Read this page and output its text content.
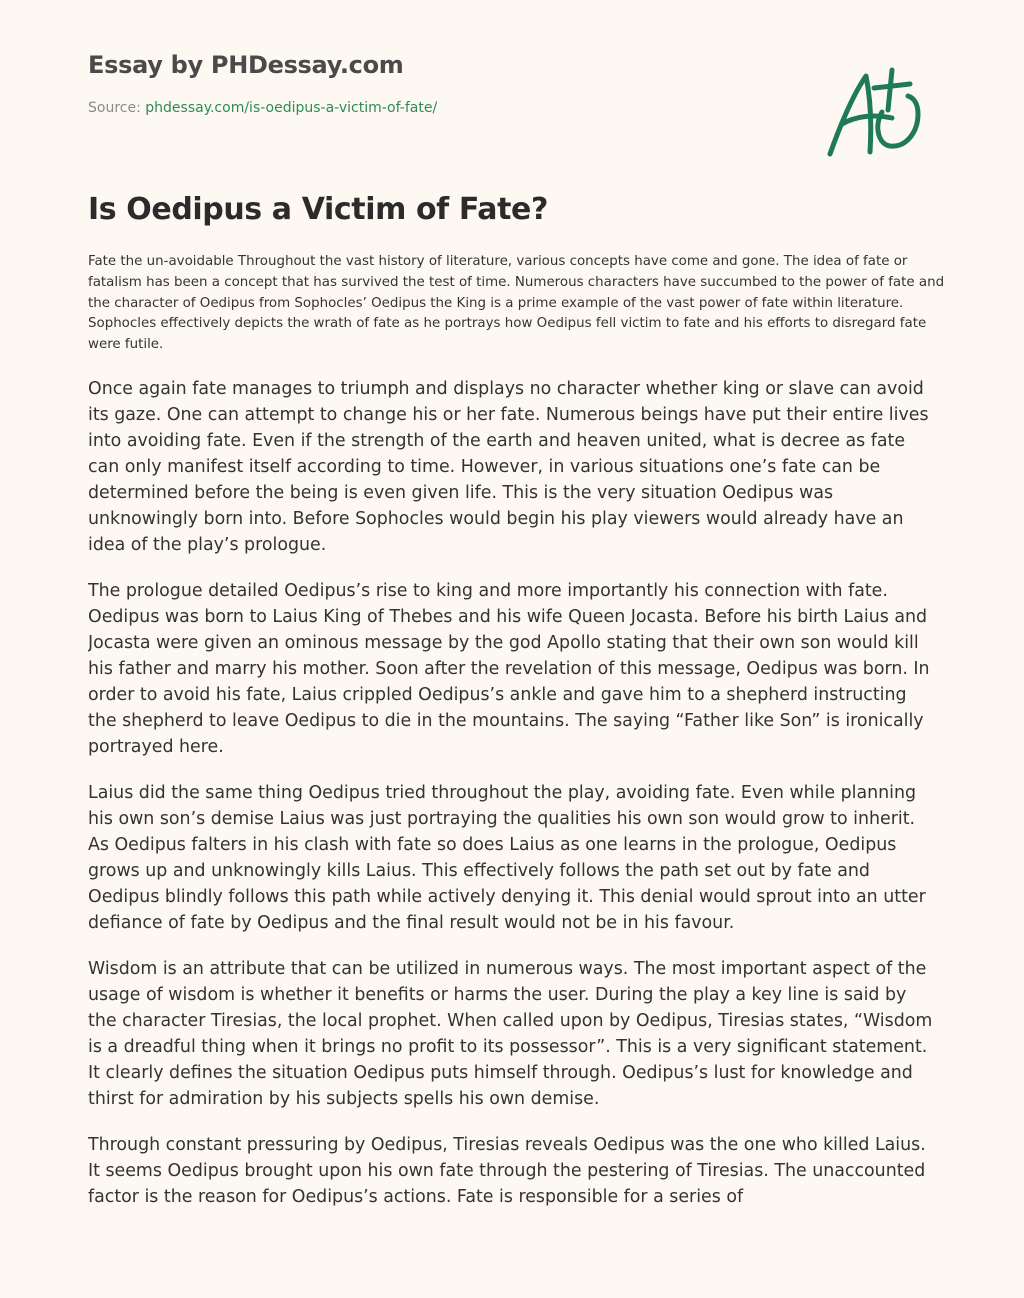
Essay by PHDessay.com
Source: phdessay.com/is-oedipus-a-victim-of-fate/
Is Oedipus a Victim of Fate?

Fate the un-avoidable Throughout the vast history of literature, various concepts have come and gone. The idea of fate or fatalism has been a concept that has survived the test of time. Numerous characters have succumbed to the power of fate and the character of Oedipus from Sophocles’ Oedipus the King is a prime example of the vast power of fate within literature. Sophocles effectively depicts the wrath of fate as he portrays how Oedipus fell victim to fate and his efforts to disregard fate were futile.

Once again fate manages to triumph and displays no character whether king or slave can avoid its gaze. One can attempt to change his or her fate. Numerous beings have put their entire lives into avoiding fate. Even if the strength of the earth and heaven united, what is decree as fate can only manifest itself according to time. However, in various situations one’s fate can be determined before the being is even given life. This is the very situation Oedipus was unknowingly born into. Before Sophocles would begin his play viewers would already have an idea of the play’s prologue.

The prologue detailed Oedipus’s rise to king and more importantly his connection with fate. Oedipus was born to Laius King of Thebes and his wife Queen Jocasta. Before his birth Laius and Jocasta were given an ominous message by the god Apollo stating that their own son would kill his father and marry his mother. Soon after the revelation of this message, Oedipus was born. In order to avoid his fate, Laius crippled Oedipus’s ankle and gave him to a shepherd instructing the shepherd to leave Oedipus to die in the mountains. The saying “Father like Son” is ironically portrayed here.

Laius did the same thing Oedipus tried throughout the play, avoiding fate. Even while planning his own son’s demise Laius was just portraying the qualities his own son would grow to inherit. As Oedipus falters in his clash with fate so does Laius as one learns in the prologue, Oedipus grows up and unknowingly kills Laius. This effectively follows the path set out by fate and Oedipus blindly follows this path while actively denying it. This denial would sprout into an utter defiance of fate by Oedipus and the final result would not be in his favour.

Wisdom is an attribute that can be utilized in numerous ways. The most important aspect of the usage of wisdom is whether it benefits or harms the user. During the play a key line is said by the character Tiresias, the local prophet. When called upon by Oedipus, Tiresias states, “Wisdom is a dreadful thing when it brings no profit to its possessor”. This is a very significant statement. It clearly defines the situation Oedipus puts himself through. Oedipus’s lust for knowledge and thirst for admiration by his subjects spells his own demise.

Through constant pressuring by Oedipus, Tiresias reveals Oedipus was the one who killed Laius. It seems Oedipus brought upon his own fate through the pestering of Tiresias. The unaccounted factor is the reason for Oedipus’s actions. Fate is responsible for a series of
